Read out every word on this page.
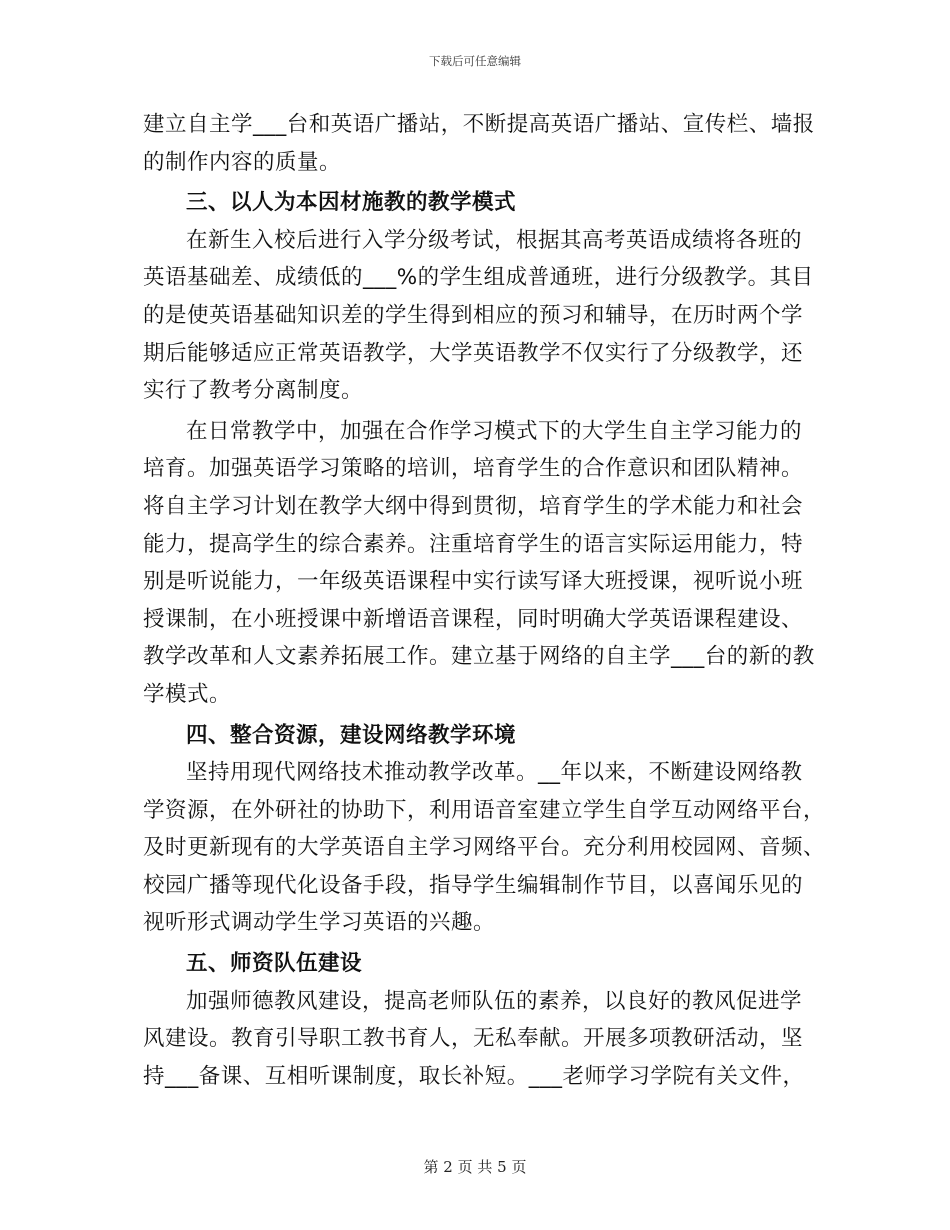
下载后可任意编辑
建立自主学___台和英语广播站，不断提高英语广播站、宣传栏、墙报
的制作内容的质量。
三、以人为本因材施教的教学模式
在新生入校后进行入学分级考试，根据其高考英语成绩将各班的
英语基础差、成绩低的___%的学生组成普通班，进行分级教学。其目
的是使英语基础知识差的学生得到相应的预习和辅导，在历时两个学
期后能够适应正常英语教学，大学英语教学不仅实行了分级教学，还
实行了教考分离制度。
在日常教学中，加强在合作学习模式下的大学生自主学习能力的
培育。加强英语学习策略的培训，培育学生的合作意识和团队精神。
将自主学习计划在教学大纲中得到贯彻，培育学生的学术能力和社会
能力，提高学生的综合素养。注重培育学生的语言实际运用能力，特
别是听说能力，一年级英语课程中实行读写译大班授课，视听说小班
授课制，在小班授课中新增语音课程，同时明确大学英语课程建设、
教学改革和人文素养拓展工作。建立基于网络的自主学___台的新的教
学模式。
四、整合资源，建设网络教学环境
坚持用现代网络技术推动教学改革。__年以来，不断建设网络教
学资源，在外研社的协助下，利用语音室建立学生自学互动网络平台，
及时更新现有的大学英语自主学习网络平台。充分利用校园网、音频、
校园广播等现代化设备手段，指导学生编辑制作节目，以喜闻乐见的
视听形式调动学生学习英语的兴趣。
五、师资队伍建设
加强师德教风建设，提高老师队伍的素养，以良好的教风促进学
风建设。教育引导职工教书育人，无私奉献。开展多项教研活动，坚
持___备课、互相听课制度，取长补短。___老师学习学院有关文件，
第 2 页 共 5 页
